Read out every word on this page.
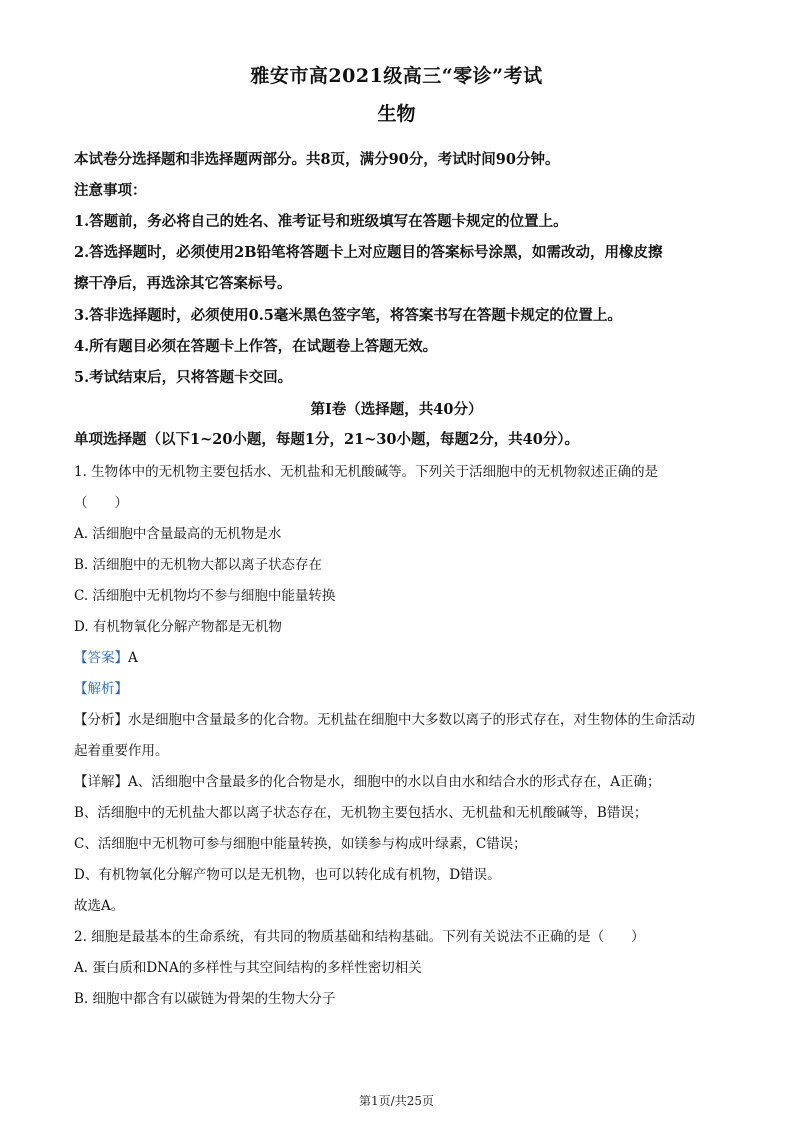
雅安市高2021级高三“零诊”考试
生物
本试卷分选择题和非选择题两部分。共8页，满分90分，考试时间90分钟。
注意事项：
1.答题前，务必将自己的姓名、准考证号和班级填写在答题卡规定的位置上。
2.答选择题时，必须使用2B铅笔将答题卡上对应题目的答案标号涂黑，如需改动，用橡皮擦
擦干净后，再选涂其它答案标号。
3.答非选择题时，必须使用0.5毫米黑色签字笔，将答案书写在答题卡规定的位置上。
4.所有题目必须在答题卡上作答，在试题卷上答题无效。
5.考试结束后，只将答题卡交回。
第Ⅰ卷（选择题，共40分）
单项选择题（以下1~20小题，每题1分，21~30小题，每题2分，共40分）。
1. 生物体中的无机物主要包括水、无机盐和无机酸碱等。下列关于活细胞中的无机物叙述正确的是
（　　）
A. 活细胞中含量最高的无机物是水
B. 活细胞中的无机物大都以离子状态存在
C. 活细胞中无机物均不参与细胞中能量转换
D. 有机物氧化分解产物都是无机物
【答案】A
【解析】
【分析】水是细胞中含量最多的化合物。无机盐在细胞中大多数以离子的形式存在，对生物体的生命活动
起着重要作用。
【详解】A、活细胞中含量最多的化合物是水，细胞中的水以自由水和结合水的形式存在，A正确；
B、活细胞中的无机盐大都以离子状态存在，无机物主要包括水、无机盐和无机酸碱等，B错误；
C、活细胞中无机物可参与细胞中能量转换，如镁参与构成叶绿素，C错误；
D、有机物氧化分解产物可以是无机物，也可以转化成有机物，D错误。
故选A。
2. 细胞是最基本的生命系统，有共同的物质基础和结构基础。下列有关说法不正确的是（　　）
A. 蛋白质和DNA的多样性与其空间结构的多样性密切相关
B. 细胞中都含有以碳链为骨架的生物大分子
第1页/共25页
